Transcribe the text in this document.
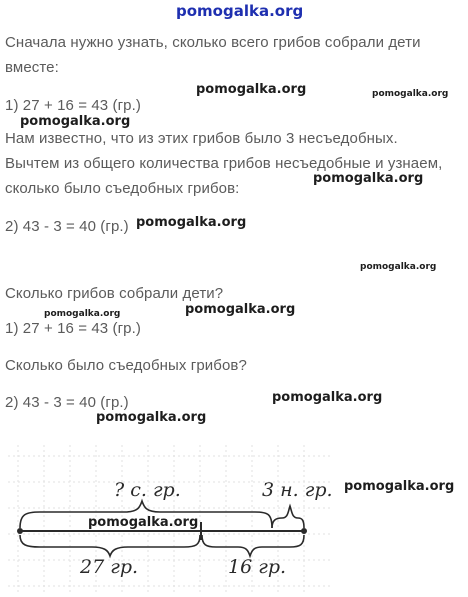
pomogalka.org
Сначала нужно узнать, сколько всего грибов собрали дети
вместе:
1) 27 + 16 = 43 (гр.)
Нам известно, что из этих грибов было 3 несъедобных.
Вычтем из общего количества грибов несъедобные и узнаем,
сколько было съедобных грибов:
2) 43 - 3 = 40 (гр.)
Сколько грибов собрали дети?
1) 27 + 16 = 43 (гр.)
Сколько было съедобных грибов?
2) 43 - 3 = 40 (гр.)
pomogalka.org	pomogalka.org
pomogalka.org
pomogalka.org
pomogalka.org
pomogalka.org
pomogalka.org
pomogalka.org
pomogalka.org
pomogalka.org
pomogalka.org
? с. гр.	3 н. гр.
27 гр.	16 гр.
pomogalka.org
